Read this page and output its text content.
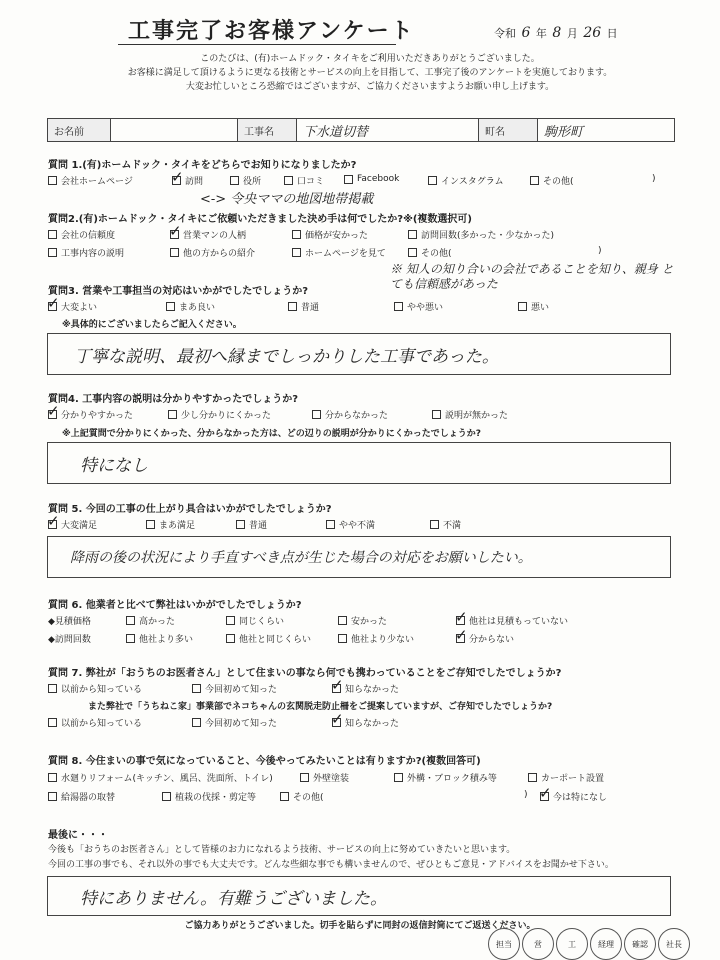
工事完了お客様アンケート	令和 6 年 8 月 26 日
このたびは、(有)ホームドック・タイキをご利用いただきありがとうございました。
お客様に満足して頂けるように更なる技術とサービスの向上を目指して、工事完了後のアンケートを実施しております。
大変お忙しいところ恐縮ではございますが、ご協力くださいますようお願い申し上げます。
お名前	工事名	下水道切替	町名	駒形町
質問 1.(有)ホームドック・タイキをどちらでお知りになりましたか?
会社ホームページ ✓	訪問	役所	口コミ	Facebook	インスタグラム	その他(	)
<-> 令央ママの地図地帯掲載
質問2.(有)ホームドック・タイキにご依頼いただきました決め手は何でしたか?※(複数選択可)
会社の信頼度 ✓	営業マンの人柄	価格が安かった	訪問回数(多かった・少なかった)
工事内容の説明	他の方からの紹介	ホームページを見て	その他(	)
※ 知人の知り合いの会社であることを知り、親身 とても信頼感があった
質問3. 営業や工事担当の対応はいかがでしたでしょうか?
✓
大変よい	まあ良い	普通	やや悪い	悪い
※具体的にございましたらご記入ください。
丁寧な説明、最初へ縁までしっかりした工事であった。
質問4. 工事内容の説明は分かりやすかったでしょうか?
✓
分かりやすかった	少し分かりにくかった	分からなかった	説明が無かった
※上記質問で分かりにくかった、分からなかった方は、どの辺りの説明が分かりにくかったでしょうか?
特になし
質問 5. 今回の工事の仕上がり具合はいかがでしたでしょうか?
✓
大変満足	まあ満足	普通	やや不満	不満
降雨の後の状況により手直すべき点が生じた場合の対応をお願いしたい。
質問 6. 他業者と比べて弊社はいかがでしたでしょうか?
◆見積価格	高かった	同じくらい	安かった ✓	他社は見積もっていない
◆訪問回数	他社より多い	他社と同じくらい	他社より少ない ✓	分からない
質問 7. 弊社が「おうちのお医者さん」として住まいの事なら何でも携わっていることをご存知でしたでしょうか?
以前から知っている	今回初めて知った ✓	知らなかった
また弊社で「うちねこ家」事業部でネコちゃんの玄関脱走防止柵をご提案していますが、ご存知でしたでしょうか?
以前から知っている	今回初めて知った ✓	知らなかった
質問 8. 今住まいの事で気になっていること、今後やってみたいことは有りますか?(複数回答可)
水廻りリフォーム(キッチン、風呂、洗面所、トイレ)	外壁塗装	外構・ブロック積み等	カーポート設置
給湯器の取替	植栽の伐採・剪定等	その他(	) ✓	今は特になし
最後に・・・
今後も「おうちのお医者さん」として皆様のお力になれるよう技術、サービスの向上に努めていきたいと思います。
今回の工事の事でも、それ以外の事でも大丈夫です。どんな些細な事でも構いませんので、ぜひともご意見・アドバイスをお聞かせ下さい。
特にありません。有難うございました。
ご協力ありがとうございました。切手を貼らずに同封の返信封筒にてご返送ください。
担当	営	工	経理	確認	社長
